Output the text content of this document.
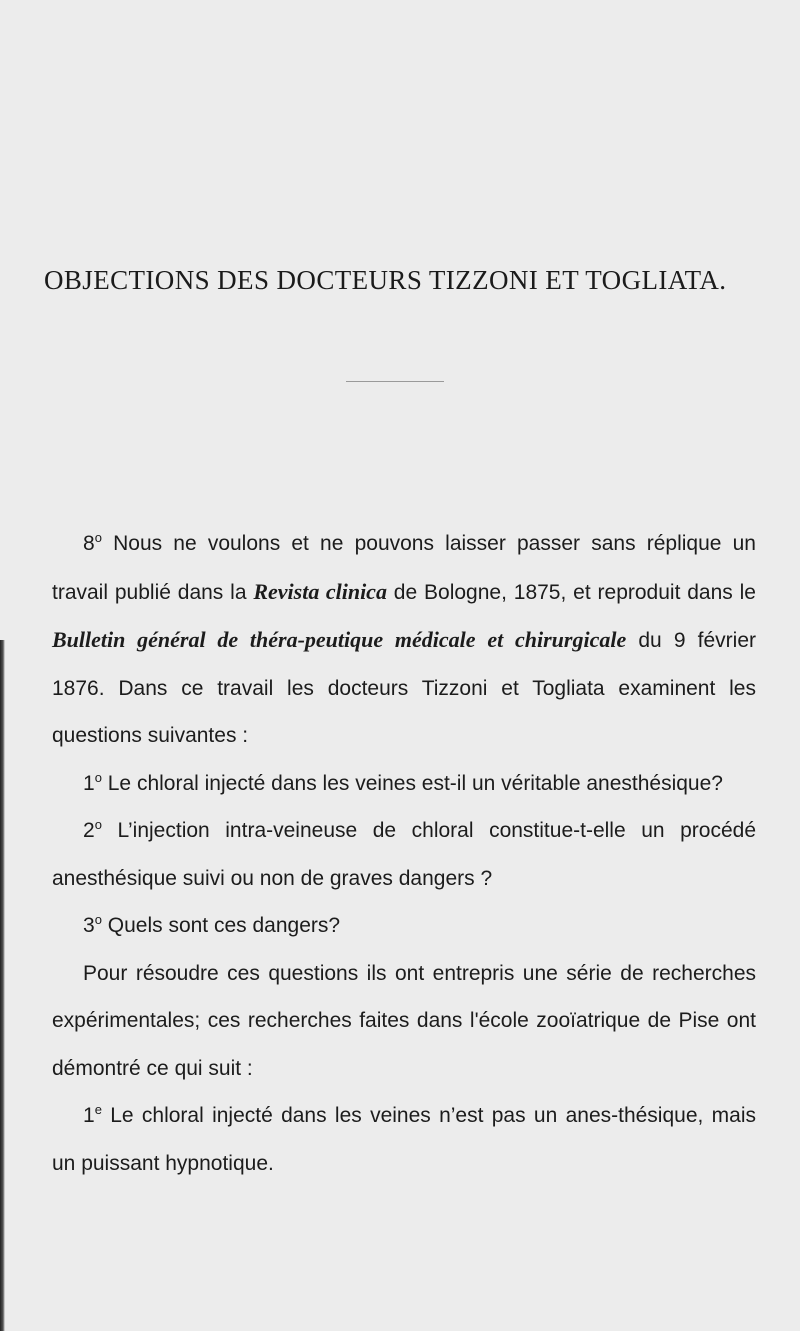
OBJECTIONS DES DOCTEURS TIZZONI ET TOGLIATA.

8$^o$ Nous ne voulons et ne pouvons laisser passer sans réplique un travail publié dans la Revista clinica de Bologne, 1875, et reproduit dans le Bulletin général de théra-peutique médicale et chirurgicale du 9 février 1876. Dans ce travail les docteurs Tizzoni et Togliata examinent les questions suivantes :

1$^o$ Le chloral injecté dans les veines est-il un véritable anesthésique?

2$^o$ L’injection intra-veineuse de chloral constitue-t-elle un procédé anesthésique suivi ou non de graves dangers ?

3$^o$ Quels sont ces dangers?

Pour résoudre ces questions ils ont entrepris une série de recherches expérimentales; ces recherches faites dans l'école zooïatrique de Pise ont démontré ce qui suit :

1e Le chloral injecté dans les veines n’est pas un anes-thésique, mais un puissant hypnotique.
